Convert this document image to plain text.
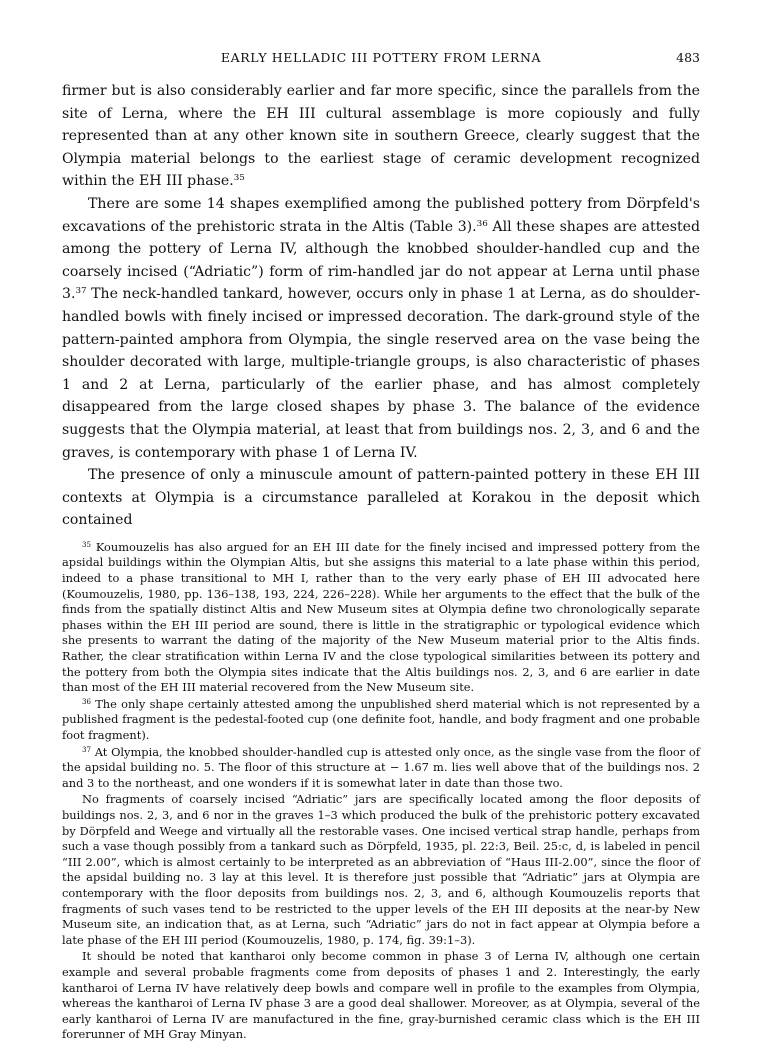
EARLY HELLADIC III POTTERY FROM LERNA	483

firmer but is also considerably earlier and far more specific, since the parallels from the site of Lerna, where the EH III cultural assemblage is more copiously and fully represented than at any other known site in southern Greece, clearly suggest that the Olympia material belongs to the earliest stage of ceramic development recognized within the EH III phase.$^{35}$

There are some 14 shapes exemplified among the published pottery from Dörpfeld's excavations of the prehistoric strata in the Altis (Table 3).$^{36}$ All these shapes are attested among the pottery of Lerna IV, although the knobbed shoulder-handled cup and the coarsely incised (“Adriatic”) form of rim-handled jar do not appear at Lerna until phase 3.37 The neck-handled tankard, however, occurs only in phase 1 at Lerna, as do shoulder-handled bowls with finely incised or impressed decoration. The dark-ground style of the pattern-painted amphora from Olympia, the single reserved area on the vase being the shoulder decorated with large, multiple-triangle groups, is also characteristic of phases 1 and 2 at Lerna, particularly of the earlier phase, and has almost completely disappeared from the large closed shapes by phase 3. The balance of the evidence suggests that the Olympia material, at least that from buildings nos. 2, 3, and 6 and the graves, is contemporary with phase 1 of Lerna IV.

The presence of only a minuscule amount of pattern-painted pottery in these EH III contexts at Olympia is a circumstance paralleled at Korakou in the deposit which contained

$^{35}$ Koumouzelis has also argued for an EH III date for the finely incised and impressed pottery from the apsidal buildings within the Olympian Altis, but she assigns this material to a late phase within this period, indeed to a phase transitional to MH I, rather than to the very early phase of EH III advocated here (Koumouzelis, 1980, pp. 136–138, 193, 224, 226–228). While her arguments to the effect that the bulk of the finds from the spatially distinct Altis and New Museum sites at Olympia define two chronologically separate phases within the EH III period are sound, there is little in the stratigraphic or typological evidence which she presents to warrant the dating of the majority of the New Museum material prior to the Altis finds. Rather, the clear stratification within Lerna IV and the close typological similarities between its pottery and the pottery from both the Olympia sites indicate that the Altis buildings nos. 2, 3, and 6 are earlier in date than most of the EH III material recovered from the New Museum site.

$^{36}$ The only shape certainly attested among the unpublished sherd material which is not represented by a published fragment is the pedestal-footed cup (one definite foot, handle, and body fragment and one probable foot fragment).

$^{37}$ At Olympia, the knobbed shoulder-handled cup is attested only once, as the single vase from the floor of the apsidal building no. 5. The floor of this structure at − 1.67 m. lies well above that of the buildings nos. 2 and 3 to the northeast, and one wonders if it is somewhat later in date than those two.

No fragments of coarsely incised “Adriatic” jars are specifically located among the floor deposits of buildings nos. 2, 3, and 6 nor in the graves 1–3 which produced the bulk of the prehistoric pottery excavated by Dörpfeld and Weege and virtually all the restorable vases. One incised vertical strap handle, perhaps from such a vase though possibly from a tankard such as Dörpfeld, 1935, pl. 22:3, Beil. 25:c, d, is labeled in pencil “III 2.00”, which is almost certainly to be interpreted as an abbreviation of “Haus III-2.00”, since the floor of the apsidal building no. 3 lay at this level. It is therefore just possible that “Adriatic” jars at Olympia are contemporary with the floor deposits from buildings nos. 2, 3, and 6, although Koumouzelis reports that fragments of such vases tend to be restricted to the upper levels of the EH III deposits at the near-by New Museum site, an indication that, as at Lerna, such “Adriatic” jars do not in fact appear at Olympia before a late phase of the EH III period (Koumouzelis, 1980, p. 174, fig. 39:1–3).

It should be noted that kantharoi only become common in phase 3 of Lerna IV, although one certain example and several probable fragments come from deposits of phases 1 and 2. Interestingly, the early kantharoi of Lerna IV have relatively deep bowls and compare well in profile to the examples from Olympia, whereas the kantharoi of Lerna IV phase 3 are a good deal shallower. Moreover, as at Olympia, several of the early kantharoi of Lerna IV are manufactured in the fine, gray-burnished ceramic class which is the EH III forerunner of MH Gray Minyan.
